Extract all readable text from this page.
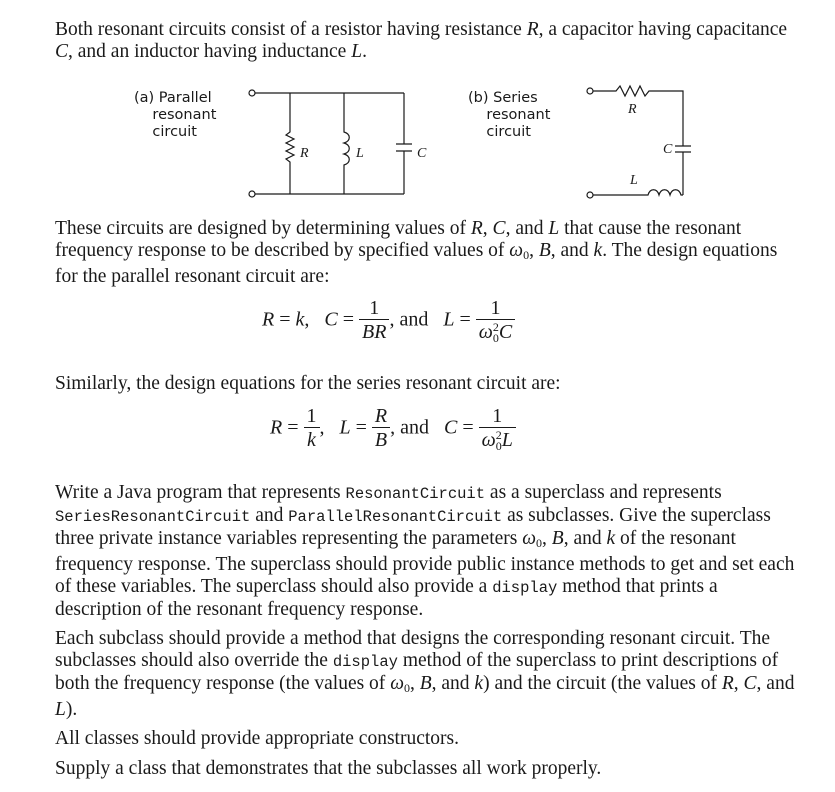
Both resonant circuits consist of a resistor having resistance R, a capacitor having capacitance C, and an inductor having inductance L.

(a) Parallel
resonant
circuit
(b) Series
resonant
circuit
R	L	C
R
C
L

These circuits are designed by determining values of R, C, and L that cause the resonant frequency response to be described by specified values of $\omega_0$, B, and k. The design equations for the parallel resonant circuit are:

R = k,   $C = \frac{1}{BR}$ , and   L = 1
ω 2
0 C

Similarly, the design equations for the series resonant circuit are:

$R = \frac{1}{k}$ ,   $L = \frac{R}{B}$ , and   C = 1
ω 2
0 L

Write a Java program that represents ResonantCircuit as a superclass and represents SeriesResonantCircuit and ParallelResonantCircuit as subclasses. Give the superclass three private instance variables representing the parameters $\omega_0$, B, and k of the resonant frequency response. The superclass should provide public instance methods to get and set each of these variables. The superclass should also provide a display method that prints a description of the resonant frequency response.

Each subclass should provide a method that designs the corresponding resonant circuit. The subclasses should also override the display method of the superclass to print descriptions of both the frequency response (the values of $\omega_0$, B, and k) and the circuit (the values of R, C, and L).

All classes should provide appropriate constructors.

Supply a class that demonstrates that the subclasses all work properly.
